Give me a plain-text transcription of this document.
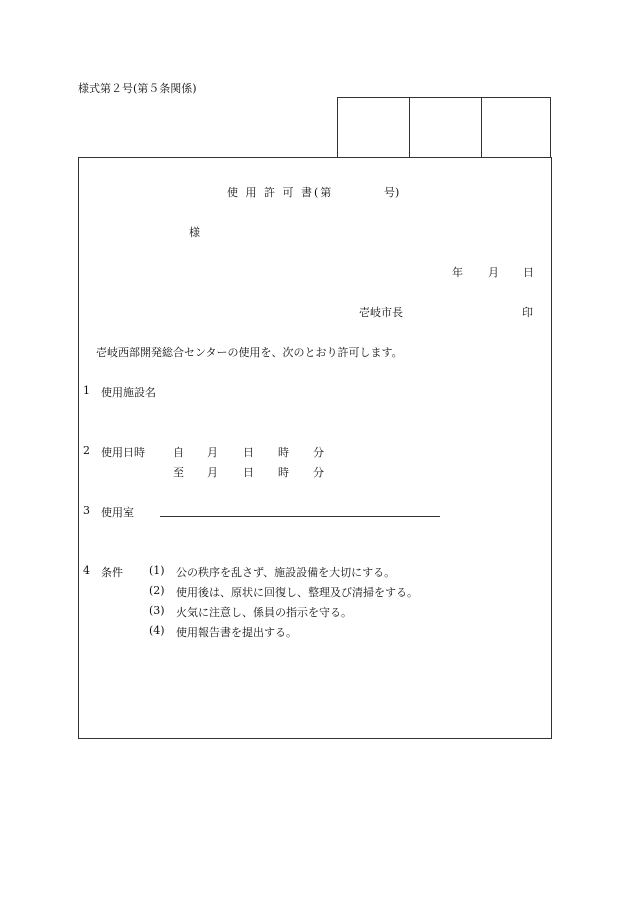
様式第２号(第５条関係)
使 用 許 可 書(第	号)
様
年 月 日
壱岐市長	印
壱岐西部開発総合センターの使用を、次のとおり許可します。
1 使用施設名
2 使用日時	自 月 日 時 分
至 月 日 時 分
3 使用室
4 条件 (1) 公の秩序を乱さず、施設設備を大切にする。
(2) 使用後は、原状に回復し、整理及び清掃をする。
(3) 火気に注意し、係員の指示を守る。
(4) 使用報告書を提出する。
